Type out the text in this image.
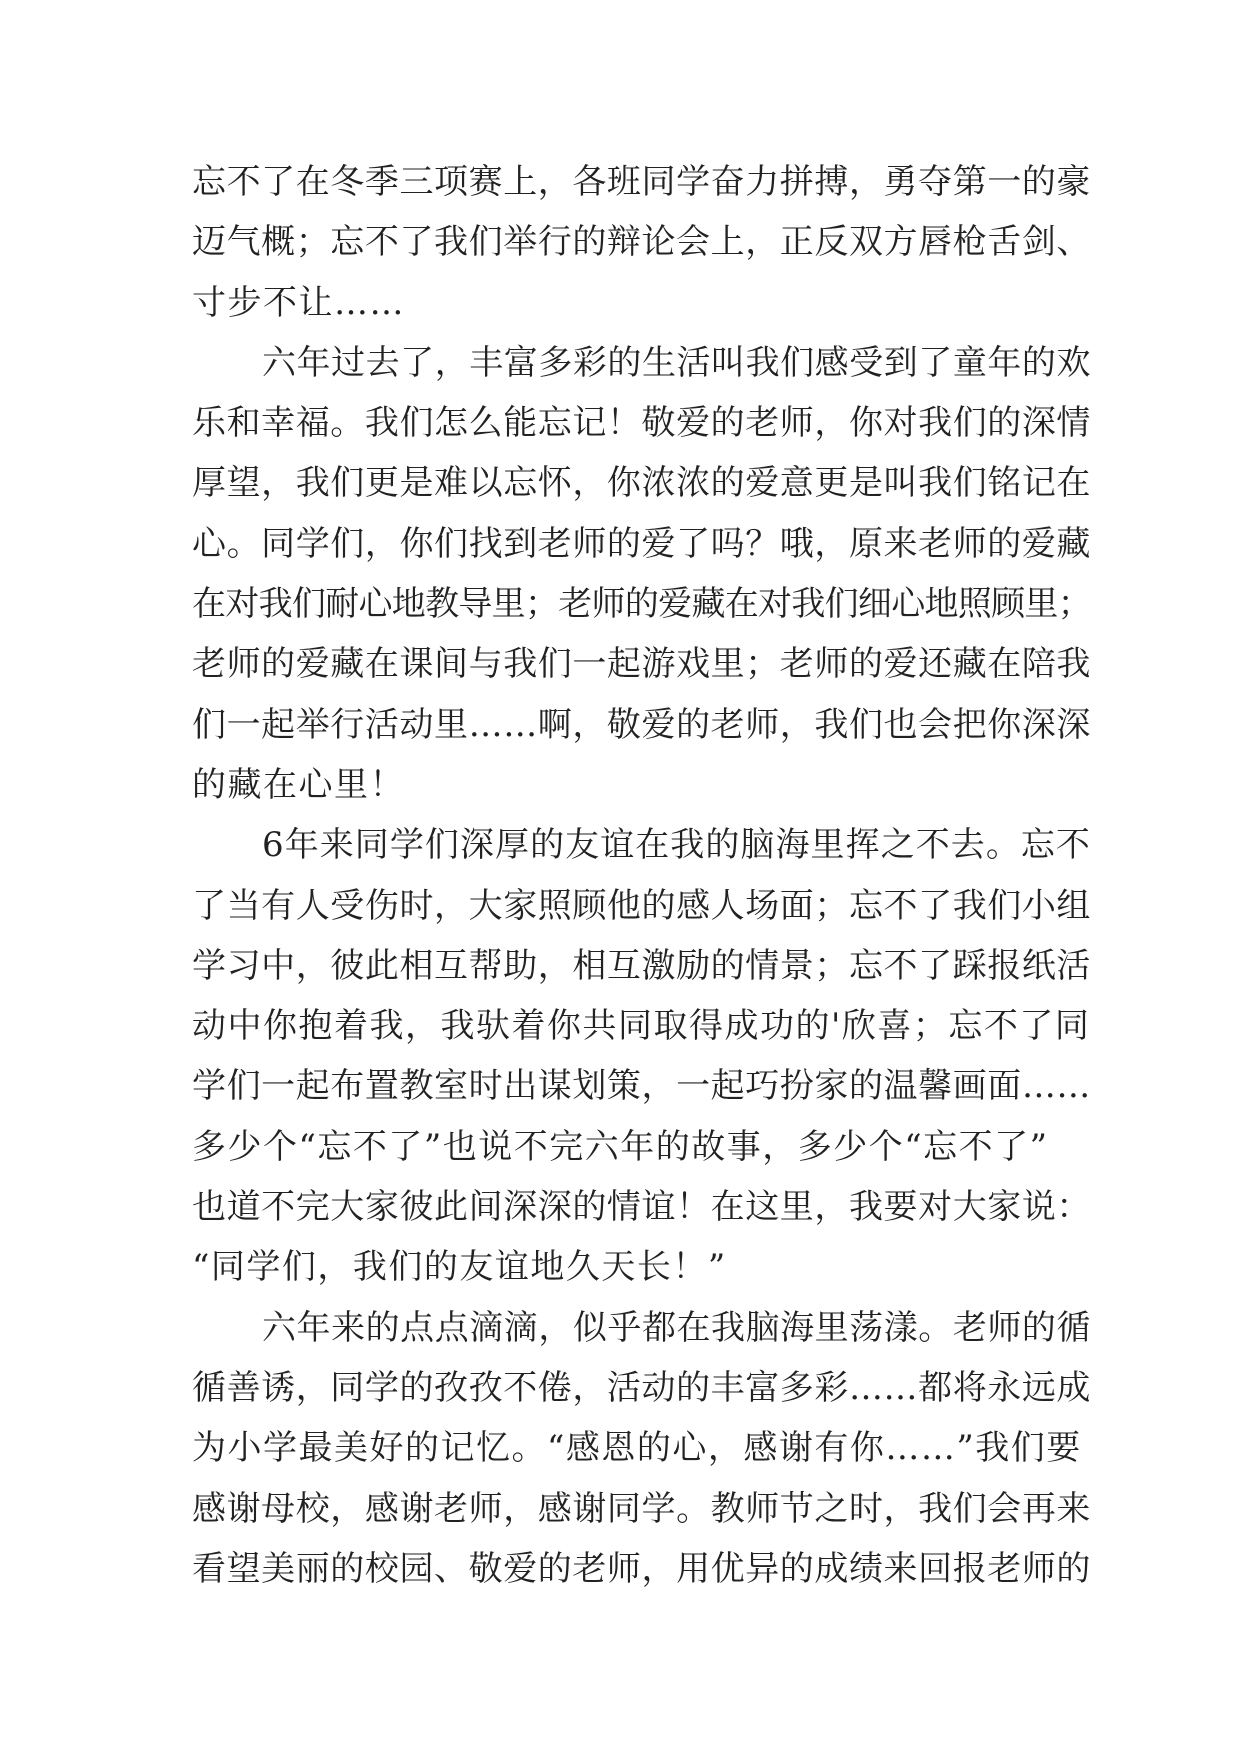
忘不了在冬季三项赛上，各班同学奋力拼搏，勇夺第一的豪
迈气概；忘不了我们举行的辩论会上，正反双方唇枪舌剑、
寸步不让……
六年过去了，丰富多彩的生活叫我们感受到了童年的欢
乐和幸福。我们怎么能忘记！敬爱的老师，你对我们的深情
厚望，我们更是难以忘怀，你浓浓的爱意更是叫我们铭记在
心。同学们，你们找到老师的爱了吗？哦，原来老师的爱藏
在对我们耐心地教导里；老师的爱藏在对我们细心地照顾里；
老师的爱藏在课间与我们一起游戏里；老师的爱还藏在陪我
们一起举行活动里……啊，敬爱的老师，我们也会把你深深
的藏在心里！
6年来同学们深厚的友谊在我的脑海里挥之不去。忘不
了当有人受伤时，大家照顾他的感人场面；忘不了我们小组
学习中，彼此相互帮助，相互激励的情景；忘不了踩报纸活
动中你抱着我，我驮着你共同取得成功的'欣喜；忘不了同
学们一起布置教室时出谋划策，一起巧扮家的温馨画面……
多少个“忘不了”也说不完六年的故事，多少个“忘不了”
也道不完大家彼此间深深的情谊！在这里，我要对大家说：
“同学们，我们的友谊地久天长！”
六年来的点点滴滴，似乎都在我脑海里荡漾。老师的循
循善诱，同学的孜孜不倦，活动的丰富多彩……都将永远成
为小学最美好的记忆。“感恩的心，感谢有你……”我们要
感谢母校，感谢老师，感谢同学。教师节之时，我们会再来
看望美丽的校园、敬爱的老师，用优异的成绩来回报老师的
